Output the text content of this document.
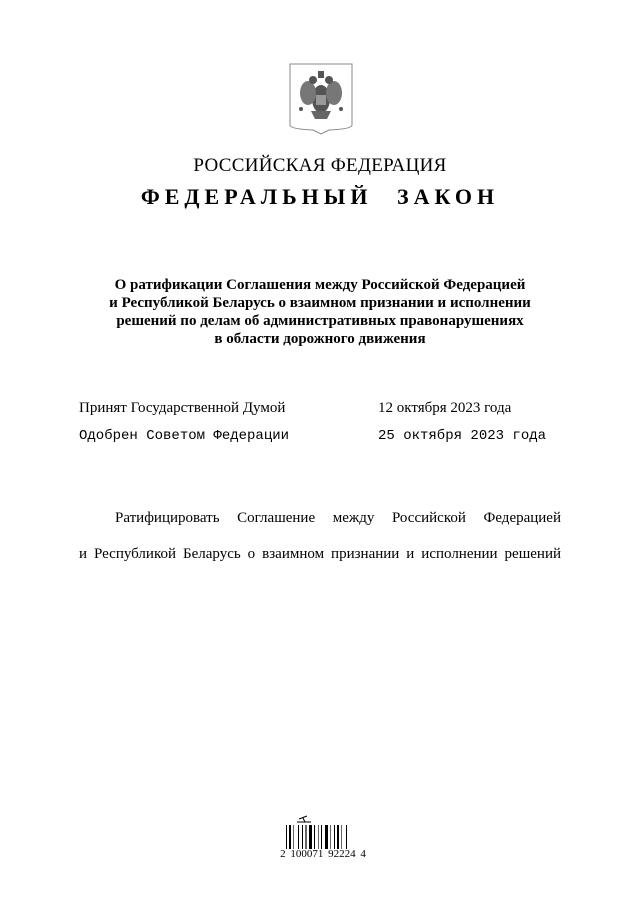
РОССИЙСКАЯ ФЕДЕРАЦИЯ
ФЕДЕРАЛЬНЫЙ ЗАКОН
О ратификации Соглашения между Российской Федерацией
и Республикой Беларусь о взаимном признании и исполнении
решений по делам об административных правонарушениях
в области дорожного движения
Принят Государственной Думой	12 октября 2023 года
Одобрен Советом Федерации	25 октября 2023 года
Ратифицировать Соглашение между Российской Федерацией
и Республикой Беларусь о взаимном признании и исполнении решений
2 100071 92224 4
